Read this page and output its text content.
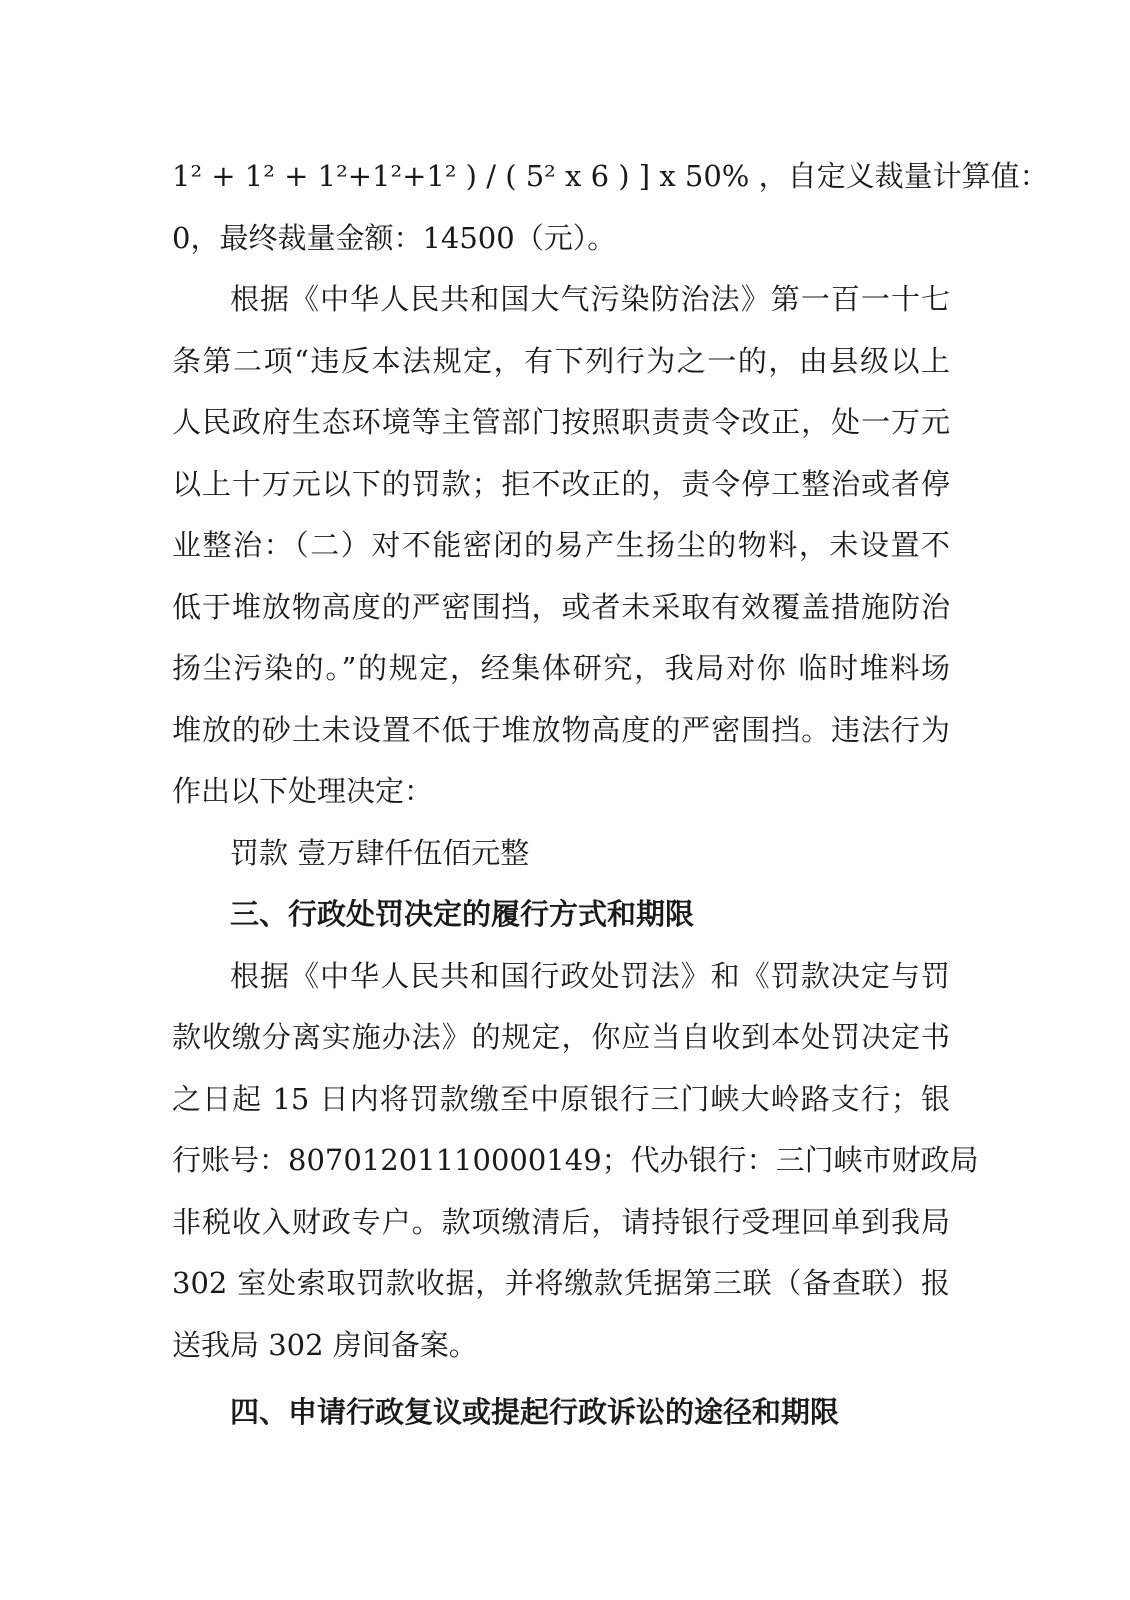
1² + 1² + 1²+1²+1² ) / ( 5² x 6 ) ] x 50% ，自定义裁量计算值：
0，最终裁量金额：14500（元）。
根据《中华人民共和国大气污染防治法》第一百一十七
条第二项“违反本法规定，有下列行为之一的，由县级以上
人民政府生态环境等主管部门按照职责责令改正，处一万元
以上十万元以下的罚款；拒不改正的，责令停工整治或者停
业整治：（二）对不能密闭的易产生扬尘的物料，未设置不
低于堆放物高度的严密围挡，或者未采取有效覆盖措施防治
扬尘污染的。”的规定，经集体研究，我局对你 临时堆料场
堆放的砂土未设置不低于堆放物高度的严密围挡。违法行为
作出以下处理决定：
罚款 壹万肆仟伍佰元整
三、行政处罚决定的履行方式和期限
根据《中华人民共和国行政处罚法》和《罚款决定与罚
款收缴分离实施办法》的规定，你应当自收到本处罚决定书
之日起 15 日内将罚款缴至中原银行三门峡大岭路支行；银
行账号：80701201110000149；代办银行：三门峡市财政局
非税收入财政专户。款项缴清后，请持银行受理回单到我局
302 室处索取罚款收据，并将缴款凭据第三联（备查联）报
送我局 302 房间备案。
四、申请行政复议或提起行政诉讼的途径和期限
